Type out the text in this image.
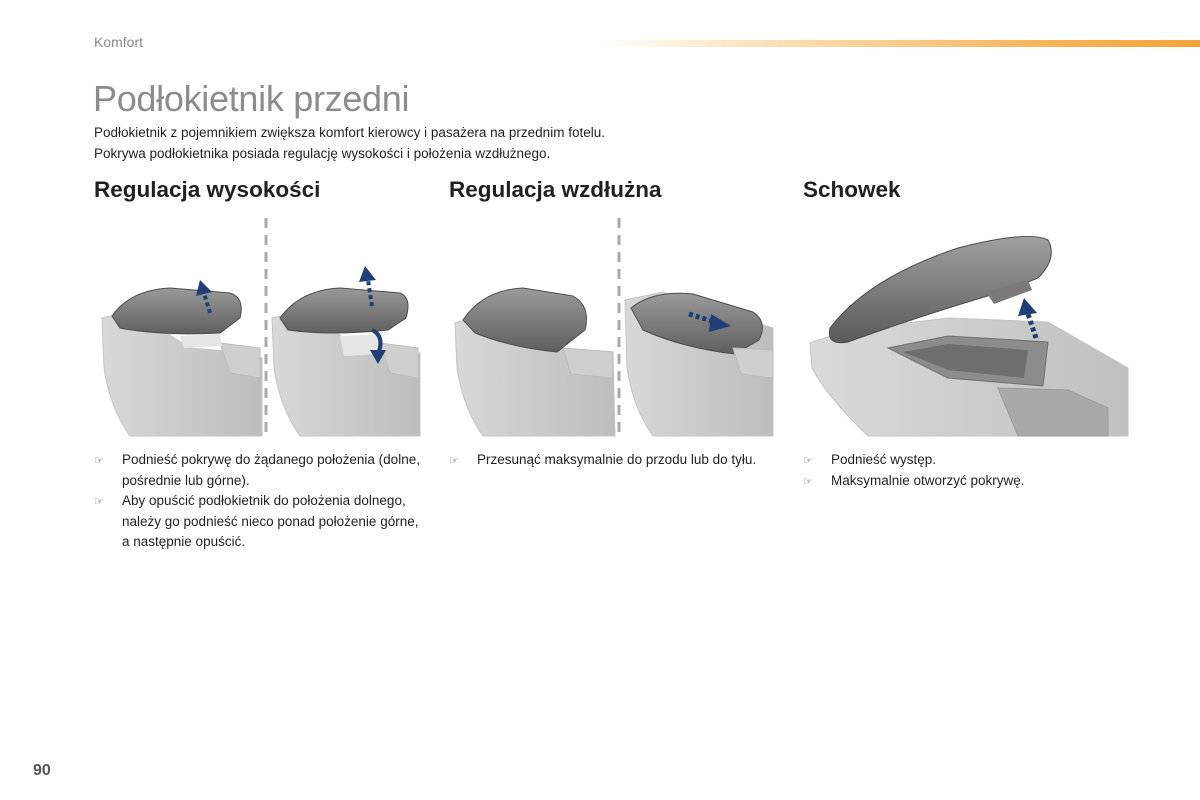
Komfort
Podłokietnik przedni
Podłokietnik z pojemnikiem zwiększa komfort kierowcy i pasażera na przednim fotelu.
Pokrywa podłokietnika posiada regulację wysokości i położenia wzdłużnego.
Regulacja wysokości	Regulacja wzdłużna	Schowek
☞ Podnieść pokrywę do żądanego położenia (dolne, pośrednie lub górne).
☞ Aby opuścić podłokietnik do położenia dolnego, należy go podnieść nieco ponad położenie górne, a następnie opuścić.
☞ Przesunąć maksymalnie do przodu lub do tyłu.	☞ Podnieść występ.
☞ Maksymalnie otworzyć pokrywę.
90
